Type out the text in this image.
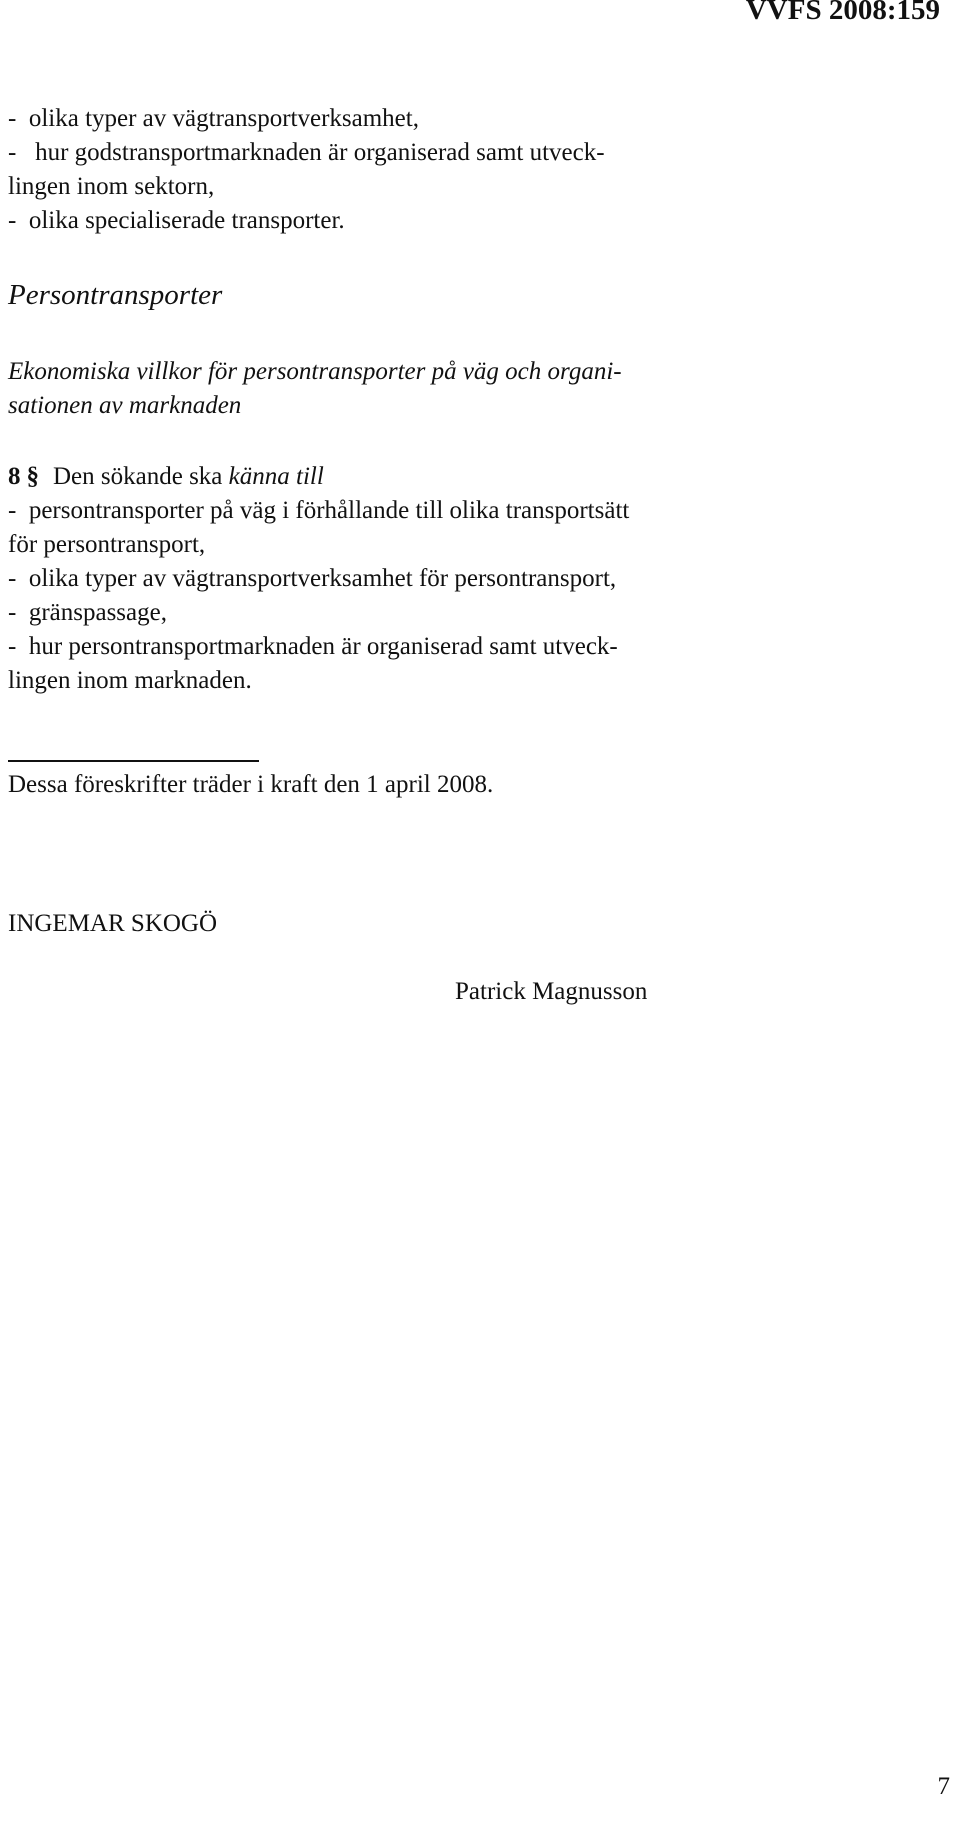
VVFS 2008:159
-  olika typer av vägtransportverksamhet,
-   hur godstransportmarknaden är organiserad samt utveck-
lingen inom sektorn,
-  olika specialiserade transporter.
Persontransporter
Ekonomiska villkor för persontransporter på väg och organi-
sationen av marknaden
8 § Den sökande ska känna till
-  persontransporter på väg i förhållande till olika transportsätt
för persontransport,
-  olika typer av vägtransportverksamhet för persontransport,
-  gränspassage,
-  hur persontransportmarknaden är organiserad samt utveck-
lingen inom marknaden.
Dessa föreskrifter träder i kraft den 1 april 2008.
INGEMAR SKOGÖ
Patrick Magnusson
7
